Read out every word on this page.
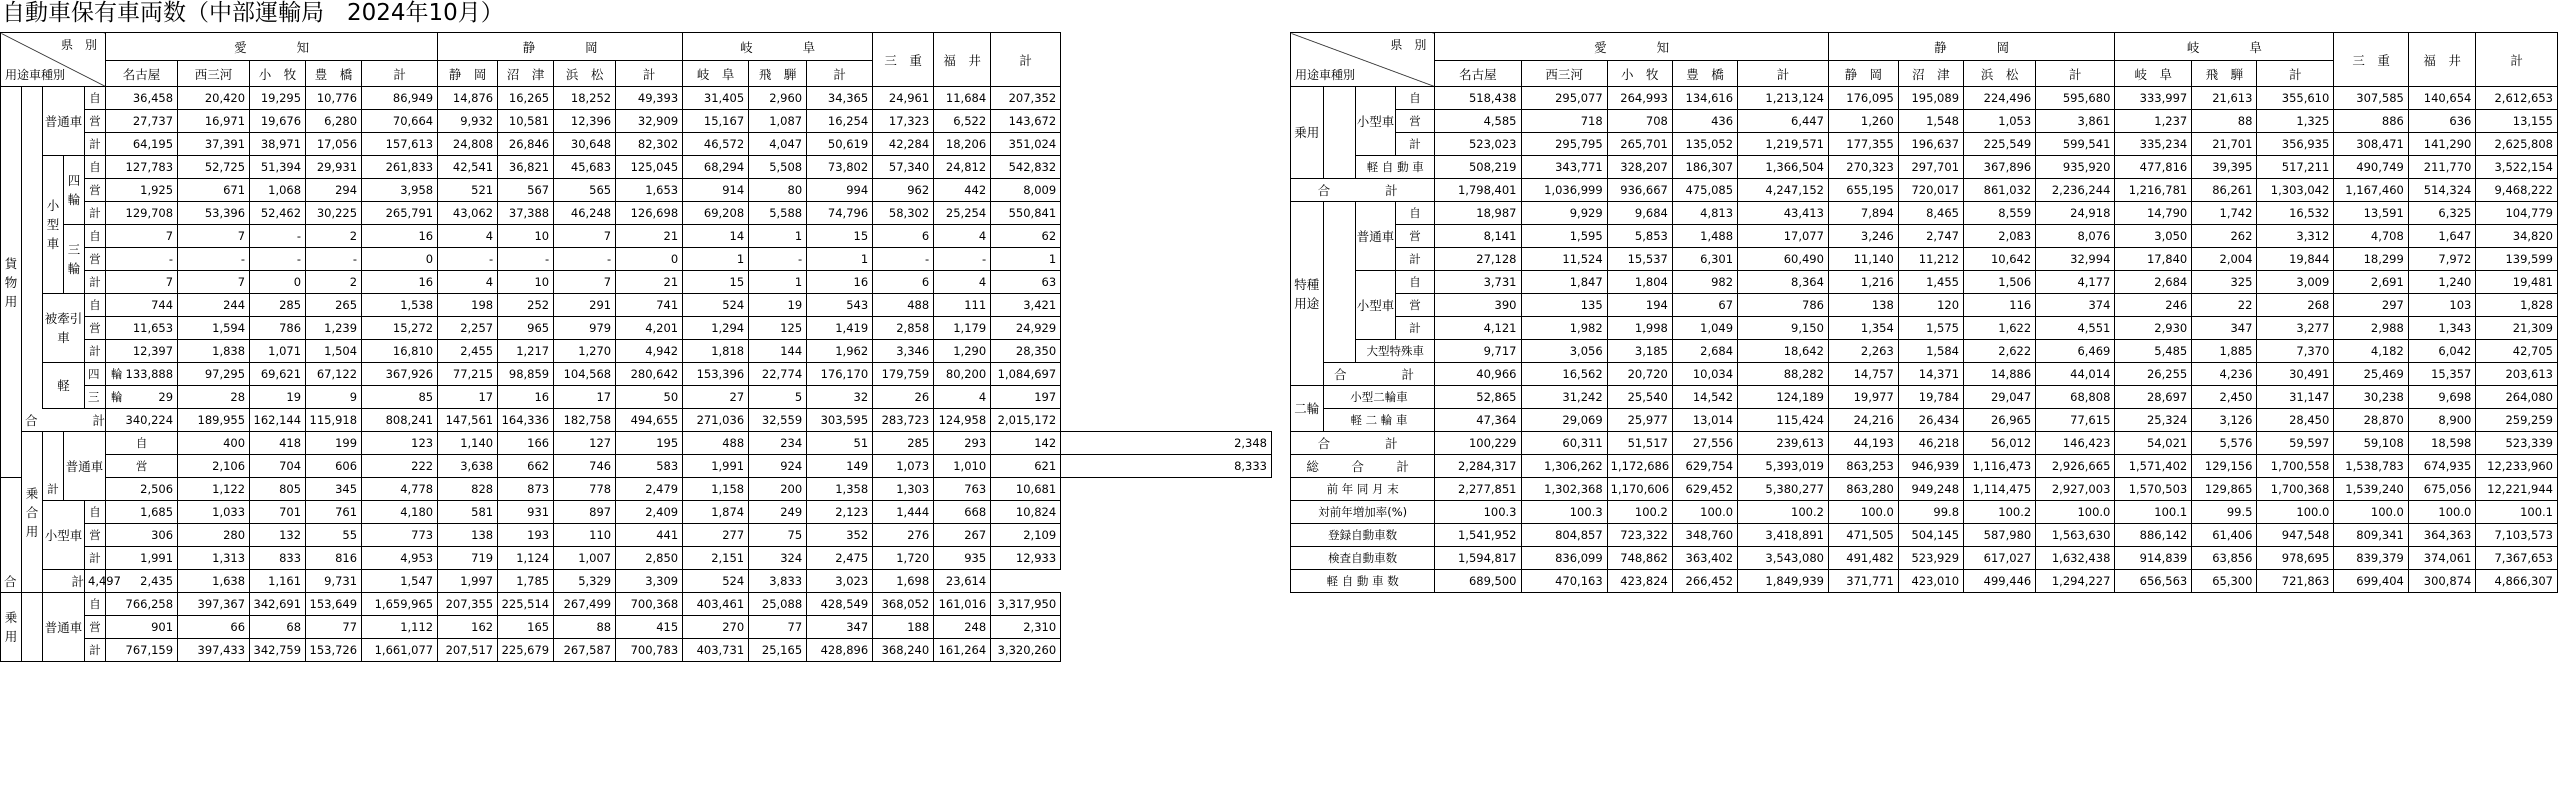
自動車保有車両数（中部運輸局　2024年10月）
県　別
用途車種別					愛　　　　知					静　　　　岡				岐　　　　阜			三　重	福　井	計	
					名古屋	西三河	小　牧	豊　橋	計	静　岡	沼　津	浜　松	計	岐　阜	飛　騨	計				
貨物用		普通車		自	36,458	20,420	19,295	10,776	86,949	14,876	16,265	18,252	49,393	31,405	2,960	34,365	24,961	11,684	207,352	
				営	27,737	16,971	19,676	6,280	70,664	9,932	10,581	12,396	32,909	15,167	1,087	16,254	17,323	6,522	143,672	
				計	64,195	37,391	38,971	17,056	157,613	24,808	26,846	30,648	82,302	46,572	4,047	50,619	42,284	18,206	351,024	
		小型車	四輪	自	127,783	52,725	51,394	29,931	261,833	42,541	36,821	45,683	125,045	68,294	5,508	73,802	57,340	24,812	542,832	
				営	1,925	671	1,068	294	3,958	521	567	565	1,653	914	80	994	962	442	8,009	
				計	129,708	53,396	52,462	30,225	265,791	43,062	37,388	46,248	126,698	69,208	5,588	74,796	58,302	25,254	550,841	
			三輪	自	7	7	-	2	16	4	10	7	21	14	1	15	6	4	62	
				営	-	-	-	-	0	-	-	-	0	1	-	1	-	-	1	
				計	7	7	0	2	16	4	10	7	21	15	1	16	6	4	63	
		被牽引車		自	744	244	285	265	1,538	198	252	291	741	524	19	543	488	111	3,421	
				営	11,653	1,594	786	1,239	15,272	2,257	965	979	4,201	1,294	125	1,419	2,858	1,179	24,929	
				計	12,397	1,838	1,071	1,504	16,810	2,455	1,217	1,270	4,942	1,818	144	1,962	3,346	1,290	28,350	
		軽		四　輪	133,888	97,295	69,621	67,122	367,926	77,215	98,859	104,568	280,642	153,396	22,774	176,170	179,759	80,200	1,084,697	
				三　輪	29	28	19	9	85	17	16	17	50	27	5	32	26	4	197	
	合　　計				340,224	189,955	162,144	115,918	808,241	147,561	164,336	182,758	494,655	271,036	32,559	303,595	283,723	124,958	2,015,172	
	乗合用		普通車		自	400	418	199	123	1,140	166	127	195	488	234	51	285	293	142	2,348
					営	2,106	704	606	222	3,638	662	746	583	1,991	924	149	1,073	1,010	621	8,333
		計			2,506	1,122	805	345	4,778	828	873	778	2,479	1,158	200	1,358	1,303	763	10,681	
		小型車		自	1,685	1,033	701	761	4,180	581	931	897	2,409	1,874	249	2,123	1,444	668	10,824	
				営	306	280	132	55	773	138	193	110	441	277	75	352	276	267	2,109	
				計	1,991	1,313	833	816	4,953	719	1,124	1,007	2,850	2,151	324	2,475	1,720	935	12,933	
合　　計				4,497	2,435	1,638	1,161	9,731	1,547	1,997	1,785	5,329	3,309	524	3,833	3,023	1,698	23,614		
乗用		普通車		自	766,258	397,367	342,691	153,649	1,659,965	207,355	225,514	267,499	700,368	403,461	25,088	428,549	368,052	161,016	3,317,950	
				営	901	66	68	77	1,112	162	165	88	415	270	77	347	188	248	2,310	
				計	767,159	397,433	342,759	153,726	1,661,077	207,517	225,679	267,587	700,783	403,731	25,165	428,896	368,240	161,264	3,320,260	
県　別
用途車種別				愛　　　　知					静　　　　岡				岐　　　　阜			三　重	福　井	計
				名古屋	西三河	小　牧	豊　橋	計	静　岡	沼　津	浜　松	計	岐　阜	飛　騨	計			
乗用		小型車	自	518,438	295,077	264,993	134,616	1,213,124	176,095	195,089	224,496	595,680	333,997	21,613	355,610	307,585	140,654	2,612,653
			営	4,585	718	708	436	6,447	1,260	1,548	1,053	3,861	1,237	88	1,325	886	636	13,155
			計	523,023	295,795	265,701	135,052	1,219,571	177,355	196,637	225,549	599,541	335,234	21,701	356,935	308,471	141,290	2,625,808
		軽 自 動 車		508,219	343,771	328,207	186,307	1,366,504	270,323	297,701	367,896	935,920	477,816	39,395	517,211	490,749	211,770	3,522,154
合　　計				1,798,401	1,036,999	936,667	475,085	4,247,152	655,195	720,017	861,032	2,236,244	1,216,781	86,261	1,303,042	1,167,460	514,324	9,468,222
特種用途		普通車	自	18,987	9,929	9,684	4,813	43,413	7,894	8,465	8,559	24,918	14,790	1,742	16,532	13,591	6,325	104,779
			営	8,141	1,595	5,853	1,488	17,077	3,246	2,747	2,083	8,076	3,050	262	3,312	4,708	1,647	34,820
			計	27,128	11,524	15,537	6,301	60,490	11,140	11,212	10,642	32,994	17,840	2,004	19,844	18,299	7,972	139,599
		小型車	自	3,731	1,847	1,804	982	8,364	1,216	1,455	1,506	4,177	2,684	325	3,009	2,691	1,240	19,481
			営	390	135	194	67	786	138	120	116	374	246	22	268	297	103	1,828
			計	4,121	1,982	1,998	1,049	9,150	1,354	1,575	1,622	4,551	2,930	347	3,277	2,988	1,343	21,309
		大型特殊車		9,717	3,056	3,185	2,684	18,642	2,263	1,584	2,622	6,469	5,485	1,885	7,370	4,182	6,042	42,705
	合　　計			40,966	16,562	20,720	10,034	88,282	14,757	14,371	14,886	44,014	26,255	4,236	30,491	25,469	15,357	203,613
二輪	小型二輪車			52,865	31,242	25,540	14,542	124,189	19,977	19,784	29,047	68,808	28,697	2,450	31,147	30,238	9,698	264,080
	軽 二 輪 車			47,364	29,069	25,977	13,014	115,424	24,216	26,434	26,965	77,615	25,324	3,126	28,450	28,870	8,900	259,259
合　　計				100,229	60,311	51,517	27,556	239,613	44,193	46,218	56,012	146,423	54,021	5,576	59,597	59,108	18,598	523,339
総　合　計				2,284,317	1,306,262	1,172,686	629,754	5,393,019	863,253	946,939	1,116,473	2,926,665	1,571,402	129,156	1,700,558	1,538,783	674,935	12,233,960
前 年 同 月 末				2,277,851	1,302,368	1,170,606	629,452	5,380,277	863,280	949,248	1,114,475	2,927,003	1,570,503	129,865	1,700,368	1,539,240	675,056	12,221,944
対前年増加率(%)				100.3	100.3	100.2	100.0	100.2	100.0	99.8	100.2	100.0	100.1	99.5	100.0	100.0	100.0	100.1
登録自動車数				1,541,952	804,857	723,322	348,760	3,418,891	471,505	504,145	587,980	1,563,630	886,142	61,406	947,548	809,341	364,363	7,103,573
検査自動車数				1,594,817	836,099	748,862	363,402	3,543,080	491,482	523,929	617,027	1,632,438	914,839	63,856	978,695	839,379	374,061	7,367,653
軽 自 動 車 数				689,500	470,163	423,824	266,452	1,849,939	371,771	423,010	499,446	1,294,227	656,563	65,300	721,863	699,404	300,874	4,866,307
